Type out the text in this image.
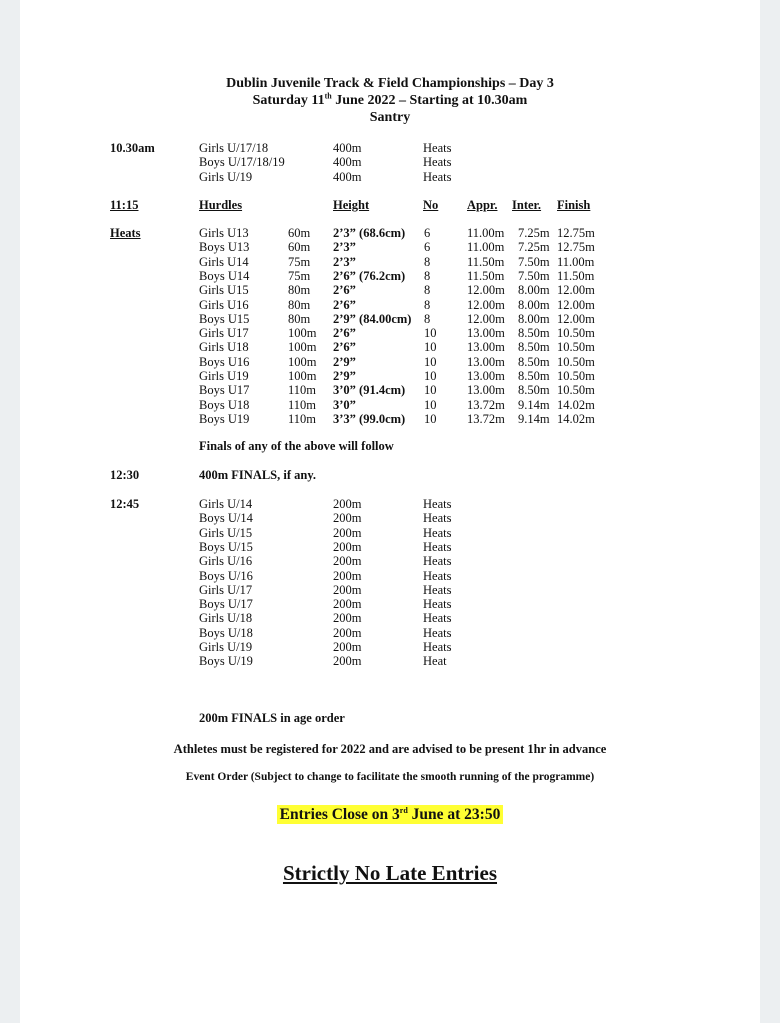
Dublin Juvenile Track & Field Championships – Day 3
Saturday 11th June 2022 – Starting at 10.30am
Santry
10.30am	Girls U/17/18	400m	Heats
Boys U/17/18/19	400m	Heats
Girls U/19	400m	Heats
11:15	Hurdles	Height	No Appr. Inter. Finish
Heats	Girls U13	60m 2’3” (68.6cm) 6	11.00m 7.25m 12.75m
Boys U13	60m 2’3”	6	11.00m 7.25m 12.75m
Girls U14	75m 2’3”	8	11.50m 7.50m 11.00m
Boys U14	75m 2’6” (76.2cm) 8	11.50m 7.50m 11.50m
Girls U15	80m 2’6”	8	12.00m 8.00m 12.00m
Girls U16	80m 2’6”	8	12.00m 8.00m 12.00m
Boys U15	80m 2’9” (84.00cm) 8	12.00m 8.00m 12.00m
Girls U17	100m 2’6”	10 13.00m 8.50m 10.50m
Girls U18	100m 2’6”	10 13.00m 8.50m 10.50m
Boys U16	100m 2’9”	10 13.00m 8.50m 10.50m
Girls U19	100m 2’9”	10 13.00m 8.50m 10.50m
Boys U17	110m 3’0” (91.4cm) 10 13.00m 8.50m 10.50m
Boys U18	110m 3’0”	10 13.72m 9.14m 14.02m
Boys U19	110m 3’3” (99.0cm) 10 13.72m 9.14m 14.02m
Finals of any of the above will follow
12:30	400m FINALS, if any.
12:45	Girls U/14	200m	Heats
Boys U/14	200m	Heats
Girls U/15	200m	Heats
Boys U/15	200m	Heats
Girls U/16	200m	Heats
Boys U/16	200m	Heats
Girls U/17	200m	Heats
Boys U/17	200m	Heats
Girls U/18	200m	Heats
Boys U/18	200m	Heats
Girls U/19	200m	Heats
Boys U/19	200m	Heat
200m FINALS in age order
Athletes must be registered for 2022 and are advised to be present 1hr in advance
Event Order (Subject to change to facilitate the smooth running of the programme)
Entries Close on 3rd June at 23:50
Strictly No Late Entries
